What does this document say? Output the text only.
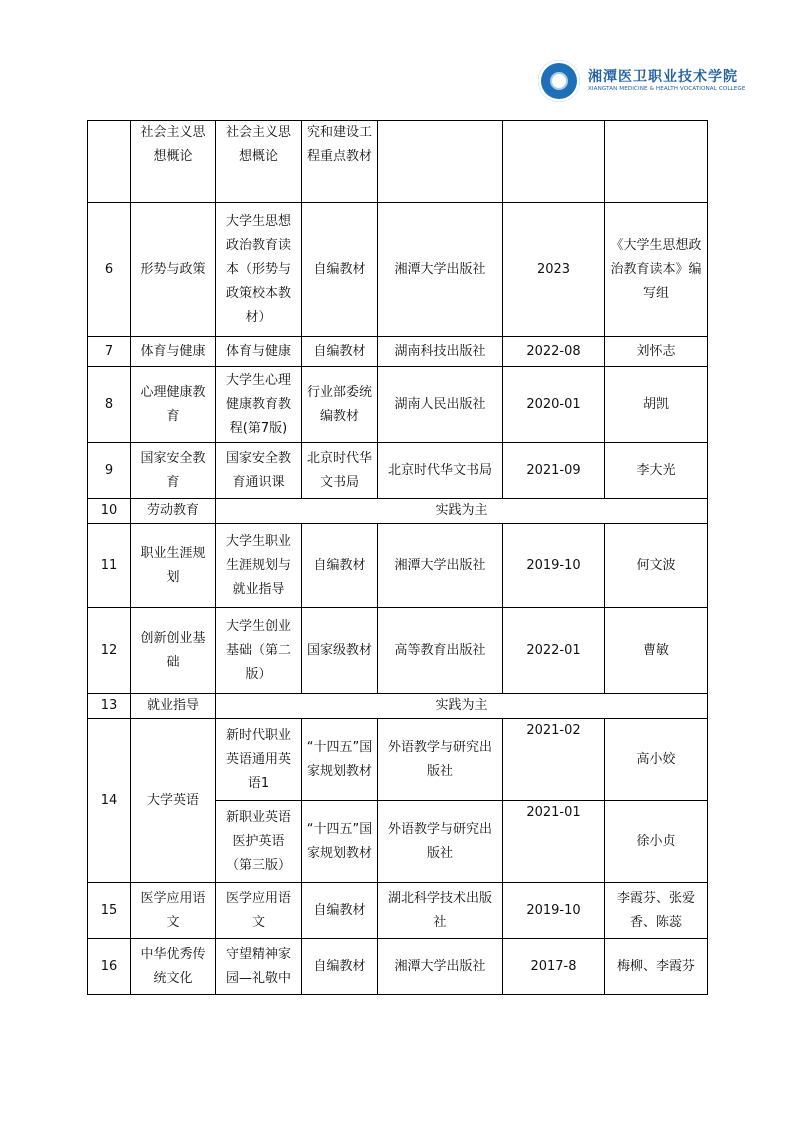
湘潭医卫职业技术学院
XIANGTAN MEDICINE & HEALTH VOCATIONAL COLLEGE
	社会主义思想概论	社会主义思想概论	究和建设工程重点教材			
6	形势与政策	大学生思想政治教育读本（形势与政策校本教材）	自编教材	湘潭大学出版社	2023	《大学生思想政治教育读本》编写组
7	体育与健康	体育与健康	自编教材	湖南科技出版社	2022-08	刘怀志
8	心理健康教育	大学生心理健康教育教程(第7版)	行业部委统编教材	湖南人民出版社	2020-01	胡凯
9	国家安全教育	国家安全教育通识课	北京时代华文书局	北京时代华文书局	2021-09	李大光
10	劳动教育	实践为主				
11	职业生涯规划	大学生职业生涯规划与就业指导	自编教材	湘潭大学出版社	2019-10	何文波
12	创新创业基础	大学生创业基础（第二版）	国家级教材	高等教育出版社	2022-01	曹敏
13	就业指导	实践为主				
14	大学英语	新时代职业英语通用英语1	“十四五”国家规划教材	外语教学与研究出版社	2021-02	高小姣
		新职业英语医护英语（第三版）	“十四五”国家规划教材	外语教学与研究出版社	2021-01	徐小贞
15	医学应用语文	医学应用语文	自编教材	湖北科学技术出版社	2019-10	李霞芬、张爱香、陈蕊
16	中华优秀传统文化	守望精神家园—礼敬中	自编教材	湘潭大学出版社	2017-8	梅柳、李霞芬
